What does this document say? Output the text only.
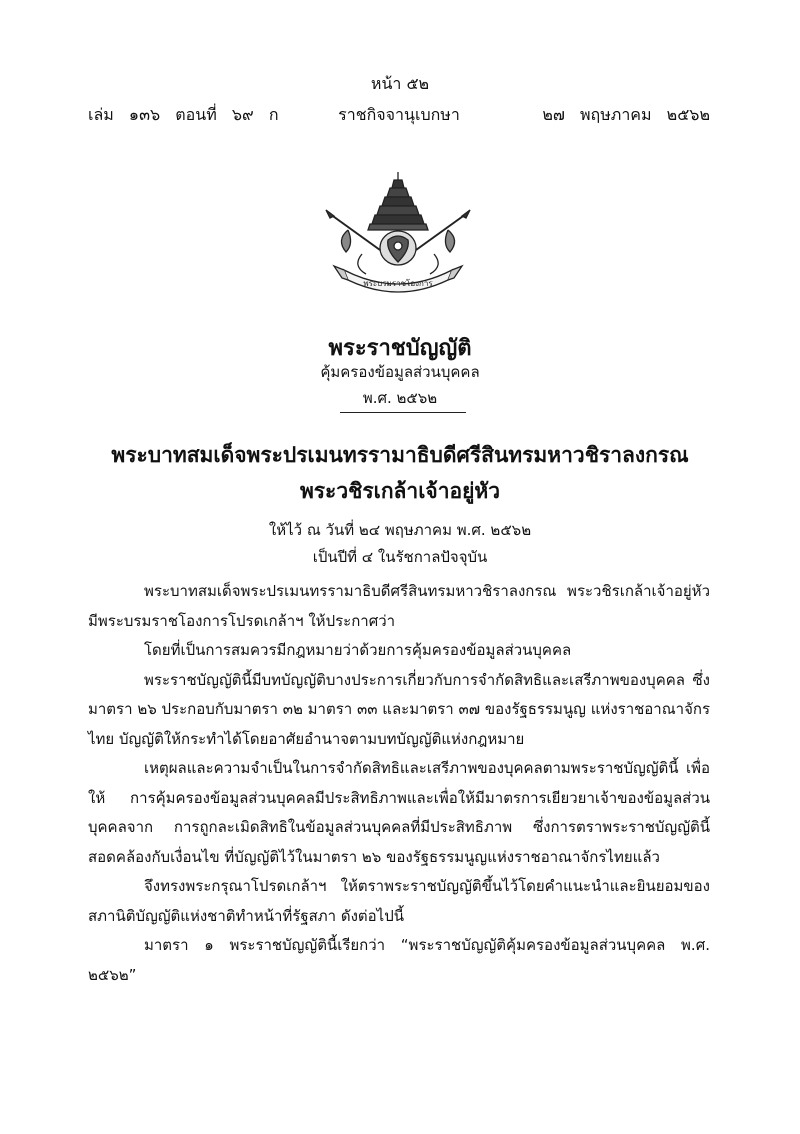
หน้า ๕๒
เล่ม ๑๓๖ ตอนที่ ๖๙ ก	ราชกิจจานุเบกษา	๒๗ พฤษภาคม ๒๕๖๒
พระบรมราชโองการ
พระราชบัญญัติ
คุ้มครองข้อมูลส่วนบุคคล
พ.ศ. ๒๕๖๒
พระบาทสมเด็จพระปรเมนทรรามาธิบดีศรีสินทรมหาวชิราลงกรณ
พระวชิรเกล้าเจ้าอยู่หัว
ให้ไว้ ณ วันที่ ๒๔ พฤษภาคม พ.ศ. ๒๕๖๒
เป็นปีที่ ๔ ในรัชกาลปัจจุบัน

พระบาทสมเด็จพระปรเมนทรรามาธิบดีศรีสินทรมหาวชิราลงกรณ พระวชิรเกล้าเจ้าอยู่หัว มีพระบรมราชโองการโปรดเกล้าฯ ให้ประกาศว่า

โดยที่เป็นการสมควรมีกฎหมายว่าด้วยการคุ้มครองข้อมูลส่วนบุคคล

พระราชบัญญัตินี้มีบทบัญญัติบางประการเกี่ยวกับการจำกัดสิทธิและเสรีภาพของบุคคล ซึ่งมาตรา ๒๖ ประกอบกับมาตรา ๓๒ มาตรา ๓๓ และมาตรา ๓๗ ของรัฐธรรมนูญ แห่งราชอาณาจักรไทย บัญญัติให้กระทำได้โดยอาศัยอำนาจตามบทบัญญัติแห่งกฎหมาย

เหตุผลและความจำเป็นในการจำกัดสิทธิและเสรีภาพของบุคคลตามพระราชบัญญัตินี้ เพื่อให้ การคุ้มครองข้อมูลส่วนบุคคลมีประสิทธิภาพและเพื่อให้มีมาตรการเยียวยาเจ้าของข้อมูลส่วนบุคคลจาก การถูกละเมิดสิทธิในข้อมูลส่วนบุคคลที่มีประสิทธิภาพ ซึ่งการตราพระราชบัญญัตินี้สอดคล้องกับเงื่อนไข ที่บัญญัติไว้ในมาตรา ๒๖ ของรัฐธรรมนูญแห่งราชอาณาจักรไทยแล้ว

จึงทรงพระกรุณาโปรดเกล้าฯ ให้ตราพระราชบัญญัติขึ้นไว้โดยคำแนะนำและยินยอมของ สภานิติบัญญัติแห่งชาติทำหน้าที่รัฐสภา ดังต่อไปนี้

มาตรา ๑ พระราชบัญญัตินี้เรียกว่า “พระราชบัญญัติคุ้มครองข้อมูลส่วนบุคคล พ.ศ. ๒๕๖๒”
